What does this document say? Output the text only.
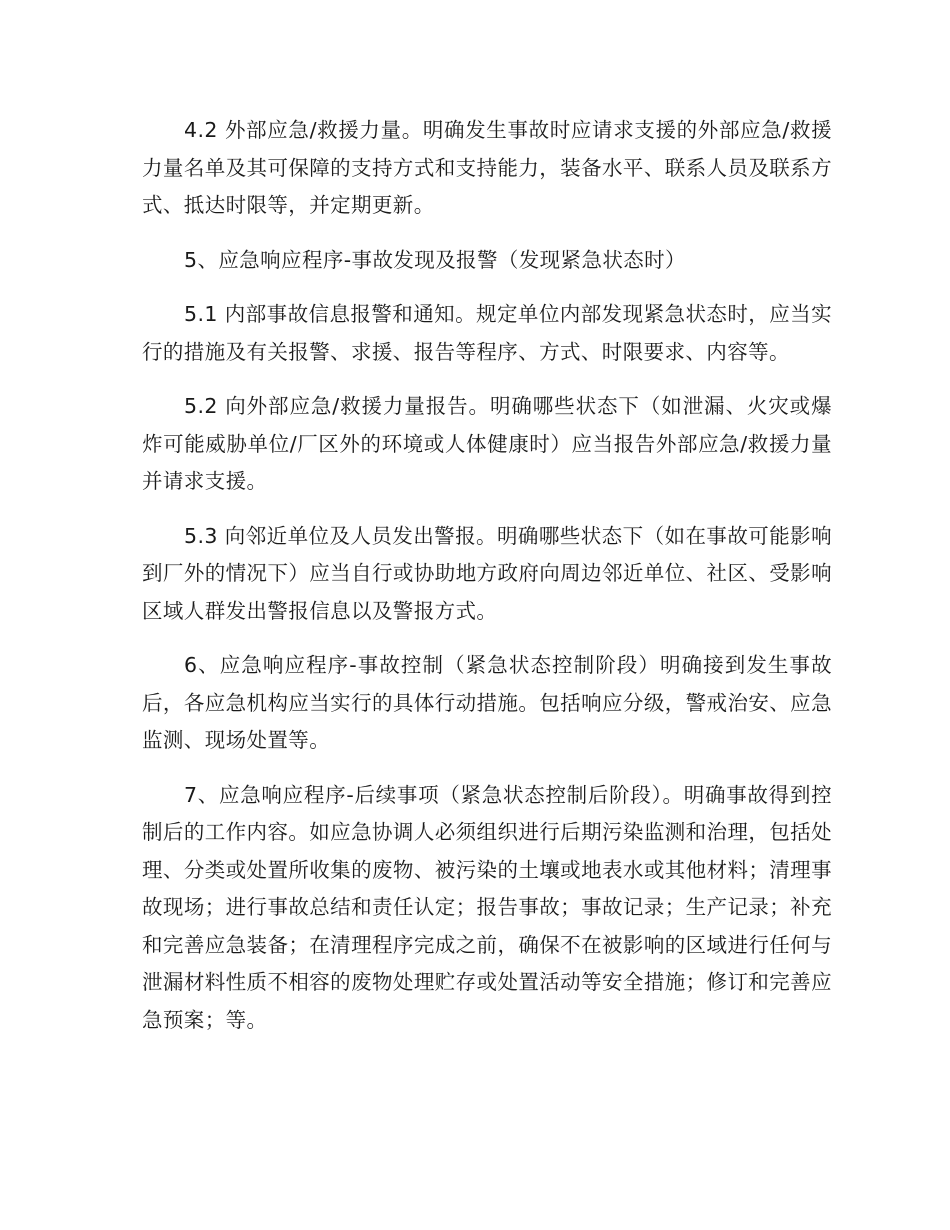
4.2 外部应急/救援力量。明确发生事故时应请求支援的外部应急/救援力量名单及其可保障的支持方式和支持能力，装备水平、联系人员及联系方式、抵达时限等，并定期更新。

5、应急响应程序-事故发现及报警（发现紧急状态时）

5.1 内部事故信息报警和通知。规定单位内部发现紧急状态时，应当实行的措施及有关报警、求援、报告等程序、方式、时限要求、内容等。

5.2 向外部应急/救援力量报告。明确哪些状态下（如泄漏、火灾或爆炸可能威胁单位/厂区外的环境或人体健康时）应当报告外部应急/救援力量并请求支援。

5.3 向邻近单位及人员发出警报。明确哪些状态下（如在事故可能影响到厂外的情况下）应当自行或协助地方政府向周边邻近单位、社区、受影响区域人群发出警报信息以及警报方式。

6、应急响应程序-事故控制（紧急状态控制阶段）明确接到发生事故后，各应急机构应当实行的具体行动措施。包括响应分级，警戒治安、应急监测、现场处置等。

7、应急响应程序-后续事项（紧急状态控制后阶段）。明确事故得到控制后的工作内容。如应急协调人必须组织进行后期污染监测和治理，包括处理、分类或处置所收集的废物、被污染的土壤或地表水或其他材料；清理事故现场；进行事故总结和责任认定；报告事故；事故记录；生产记录；补充和完善应急装备；在清理程序完成之前，确保不在被影响的区域进行任何与泄漏材料性质不相容的废物处理贮存或处置活动等安全措施；修订和完善应急预案；等。
